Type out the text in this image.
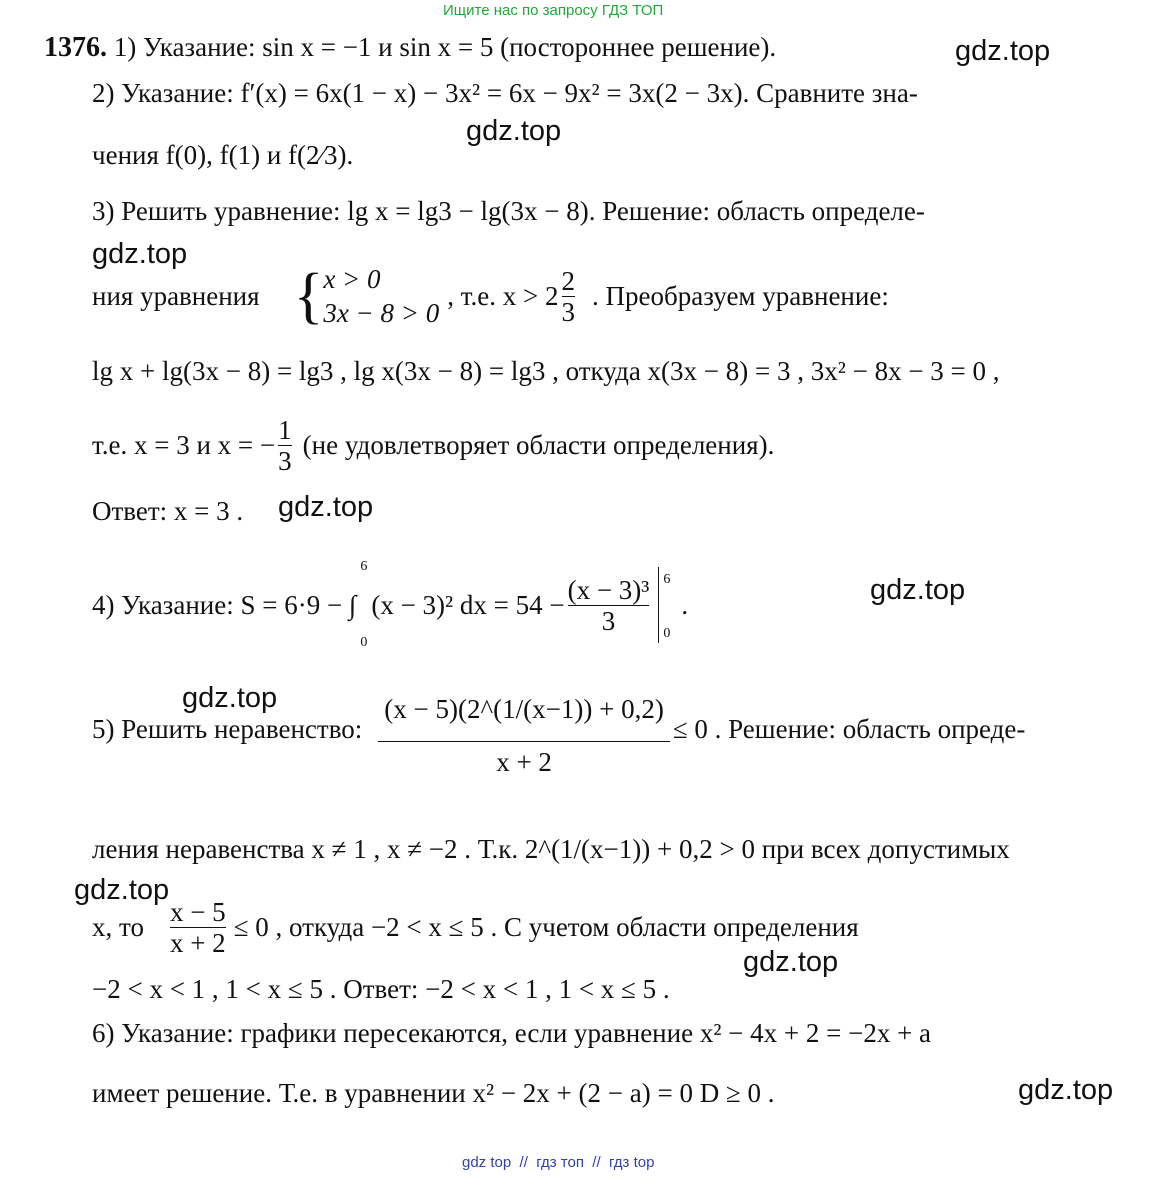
Ищите нас по запросу ГДЗ ТОП
1376. 1) Указание: sin x = −1 и sin x = 5 (постороннее решение).
2) Указание: f′(x) = 6x(1 − x) − 3x² = 6x − 9x² = 3x(2 − 3x). Сравните зна-
чения f(0), f(1) и f(2⁄3).
3) Решить уравнение: lg x = lg3 − lg(3x − 8). Решение: область определе-
ния уравнения { x > 0
3x − 8 > 0
, т.е. $x > 2 \frac{2}{3}$ . Преобразуем уравнение:
lg x + lg(3x − 8) = lg3 , lg x(3x − 8) = lg3 , откуда x(3x − 8) = 3 , 3x² − 8x − 3 = 0 ,
т.е. x = 3 и x = − $\frac{1}{3} (не$ удовлетворяет области определения).
Ответ: x = 3 .
4) Указание: S = 6·9 − ∫
6

0
(x − 3)² dx = $54 - \frac{\text{(x − 3)³}}{3} 6$
0
.
5) Решить неравенство: $\frac{(x - 5)(2\^{}(1/(x-1)) + 0,2)}{x + 2} \le 0$ . Решение: область опреде-
ления неравенства x ≠ 1 , x ≠ −2 . Т.к. 2^(1/(x−1)) + 0,2 > 0 при всех допустимых
x, то $\frac{x - 5}{x + 2} \le 0$ , откуда −2 < x ≤ 5 . С учетом области определения
−2 < x < 1 , 1 < x ≤ 5 . Ответ: −2 < x < 1 , 1 < x ≤ 5 .
6) Указание: графики пересекаются, если уравнение x² − 4x + 2 = −2x + a
имеет решение. Т.е. в уравнении x² − 2x + (2 − a) = 0 D ≥ 0 .
gdz.top
gdz.top
gdz.top
gdz.top
gdz.top
gdz.top
gdz.top
gdz.top
gdz.top
gdz top  //  гдз топ  //  гдз top
